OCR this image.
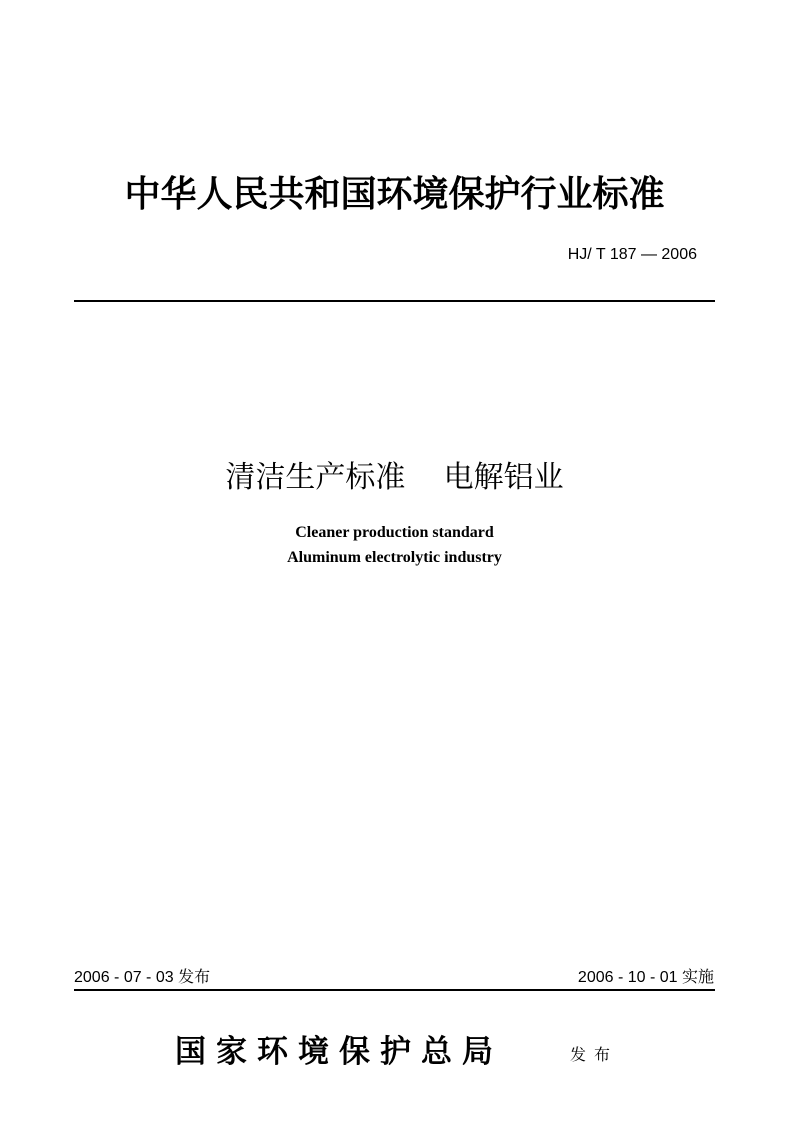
中华人民共和国环境保护行业标准
HJ/ T 187 — 2006
清洁生产标准    电解铝业
Cleaner production standard
Aluminum electrolytic industry
2006 - 07 - 03 发布	2006 - 10 - 01 实施
国家环境保护总局	发布
